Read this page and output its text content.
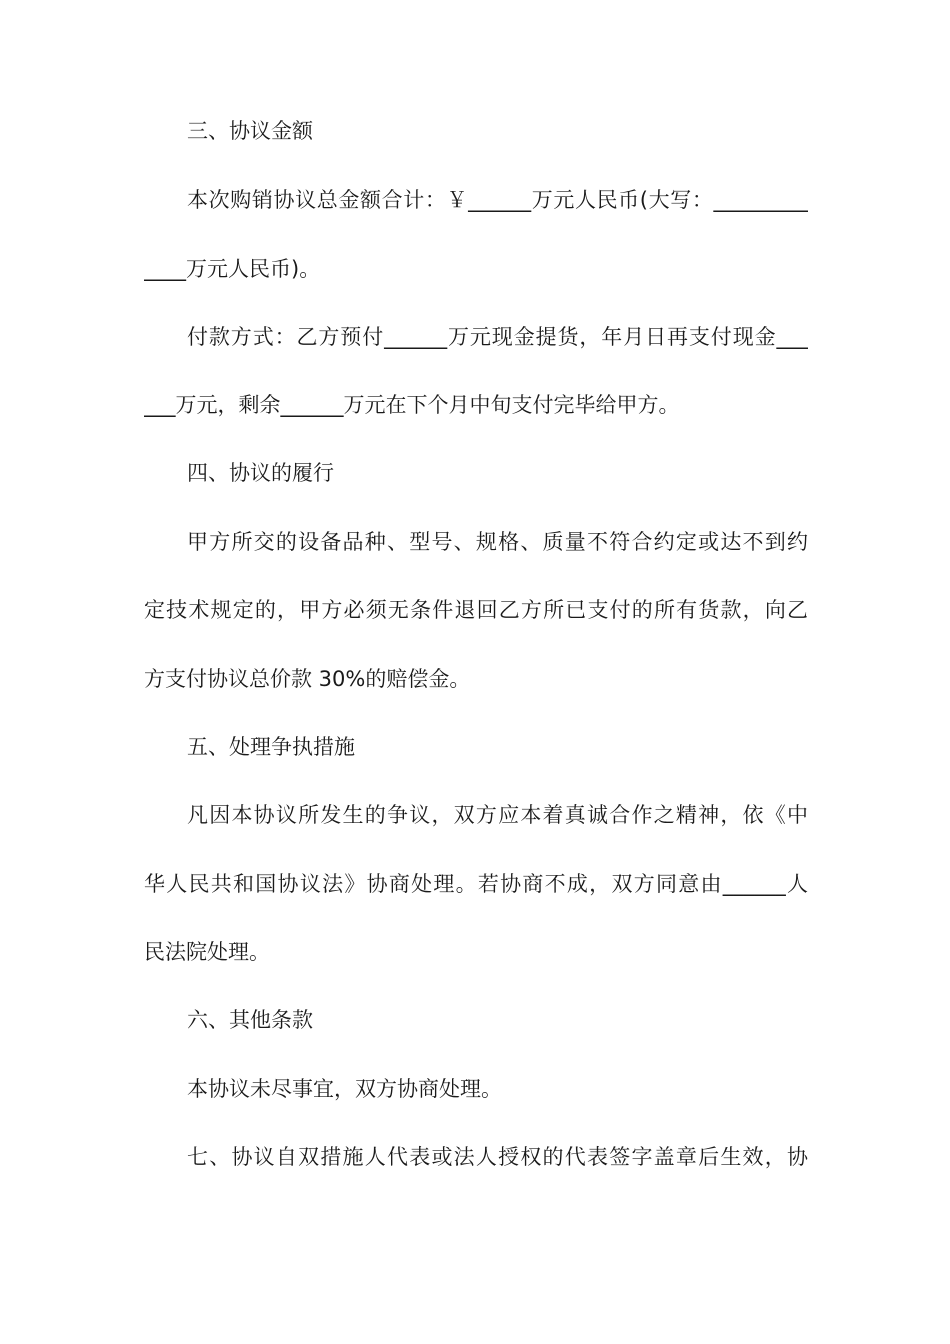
三、协议金额
本次购销协议总金额合计：￥______万元人民币(大写：_________
____万元人民币)。
付款方式：乙方预付______万元现金提货，年月日再支付现金___
___万元，剩余______万元在下个月中旬支付完毕给甲方。
四、协议的履行
甲方所交的设备品种、型号、规格、质量不符合约定或达不到约
定技术规定的，甲方必须无条件退回乙方所已支付的所有货款，向乙
方支付协议总价款 30%的赔偿金。
五、处理争执措施
凡因本协议所发生的争议，双方应本着真诚合作之精神，依《中
华人民共和国协议法》协商处理。若协商不成，双方同意由______人
民法院处理。
六、其他条款
本协议未尽事宜，双方协商处理。
七、协议自双措施人代表或法人授权的代表签字盖章后生效，协
